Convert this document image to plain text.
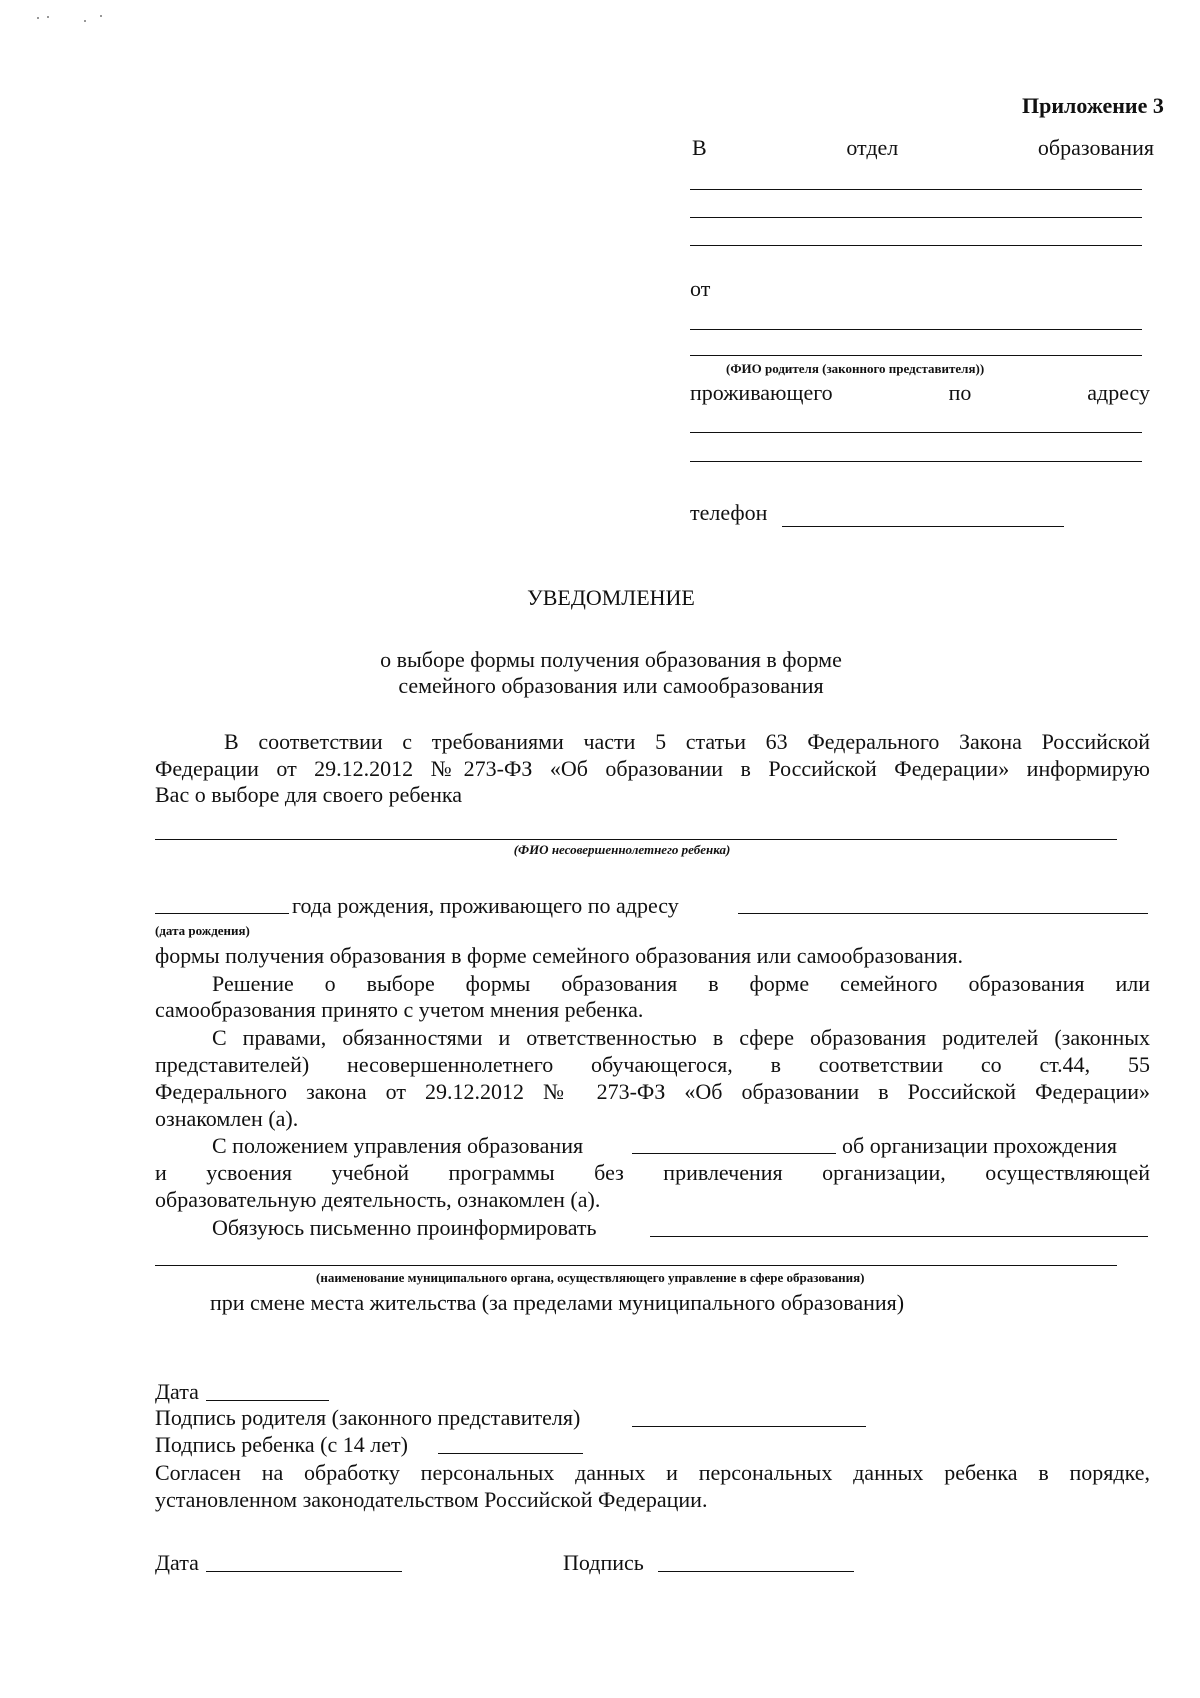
Приложение 3
В	отдел	образования
от
(ФИО родителя (законного представителя))
проживающего	по	адресу
телефон
УВЕДОМЛЕНИЕ
о выборе формы получения образования в форме
семейного образования или самообразования
В соответствии с требованиями части 5 статьи 63 Федерального Закона Российской
Федерации от 29.12.2012 №273-ФЗ «Об образовании в Российской Федерации» информирую
Вас о выборе для своего ребенка
(ФИО несовершеннолетнего ребенка)
года рождения, проживающего по адресу
(дата рождения)
формы получения образования в форме семейного образования или самообразования.
Решение о выборе формы образования в форме семейного образования или
самообразования принято с учетом мнения ребенка.
С правами, обязанностями и ответственностью в сфере образования родителей (законных
представителей) несовершеннолетнего обучающегося, в соответствии со ст.44, 55
Федерального закона от 29.12.2012 № 273-ФЗ «Об образовании в Российской Федерации»
ознакомлен (а).
С положением управления образования	об организации прохождения
и усвоения учебной программы без привлечения организации, осуществляющей
образовательную деятельность, ознакомлен (а).
Обязуюсь письменно проинформировать
(наименование муниципального органа, осуществляющего управление в сфере образования)
при смене места жительства (за пределами муниципального образования)
Дата
Подпись родителя (законного представителя)
Подпись ребенка (с 14 лет)
Согласен на обработку персональных данных и персональных данных ребенка в порядке,
установленном законодательством Российской Федерации.
Дата	Подпись
